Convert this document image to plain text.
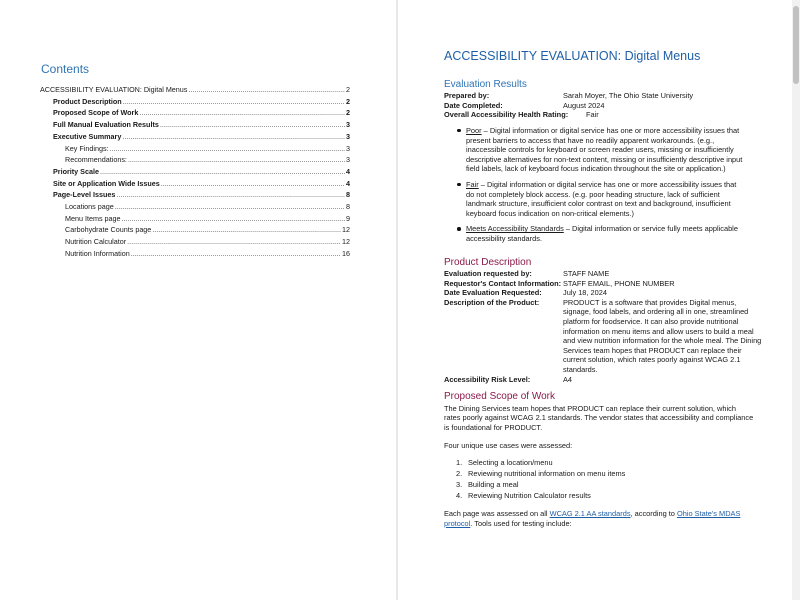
Contents
ACCESSIBILITY EVALUATION: Digital Menus .....	2
Product Description .....	2
Proposed Scope of Work .....	2
Full Manual Evaluation Results .....	3
Executive Summary .....	3
Key Findings: .....	3
Recommendations: .....	3
Priority Scale .....	4
Site or Application Wide Issues .....	4
Page-Level Issues .....	8
Locations page .....	8
Menu Items page .....	9
Carbohydrate Counts page .....	12
Nutrition Calculator .....	12
Nutrition Information .....	16
ACCESSIBILITY EVALUATION: Digital Menus
Evaluation Results
Prepared by:	Sarah Moyer, The Ohio State University
Date Completed:	August 2024
Overall Accessibility Health Rating:	Fair
Poor – Digital information or digital service has one or more accessibility issues that present barriers to access that have no readily apparent workarounds. (e.g., inaccessible controls for keyboard or screen reader users, missing or insufficiently descriptive alternatives for non-text content, missing or insufficiently descriptive input field labels, lack of keyboard focus indication throughout the site or application.)
Fair – Digital information or digital service has one or more accessibility issues that do not completely block access. (e.g. poor heading structure, lack of sufficient landmark structure, insufficient color contrast on text and background, insufficient keyboard focus indication on non-critical elements.)
Meets Accessibility Standards – Digital information or service fully meets applicable accessibility standards.
Product Description
Evaluation requested by:	STAFF NAME
Requestor's Contact Information: STAFF EMAIL, PHONE NUMBER
Date Evaluation Requested:	July 18, 2024
Description of the Product:	PRODUCT is a software that provides Digital menus, signage, food labels, and ordering all in one, streamlined platform for foodservice. It can also provide nutritional information on menu items and allow users to build a meal and view nutrition information for the whole meal. The Dining Services team hopes that PRODUCT can replace their current solution, which rates poorly against WCAG 2.1 standards.
Accessibility Risk Level:	A4
Proposed Scope of Work

The Dining Services team hopes that PRODUCT can replace their current solution, which rates poorly against WCAG 2.1 standards. The vendor states that accessibility and compliance is foundational for PRODUCT.

Four unique use cases were assessed:

1. Selecting a location/menu
2. Reviewing nutritional information on menu items
3. Building a meal
4. Reviewing Nutrition Calculator results

Each page was assessed on all WCAG 2.1 AA standards, according to Ohio State's MDAS protocol. Tools used for testing include:
